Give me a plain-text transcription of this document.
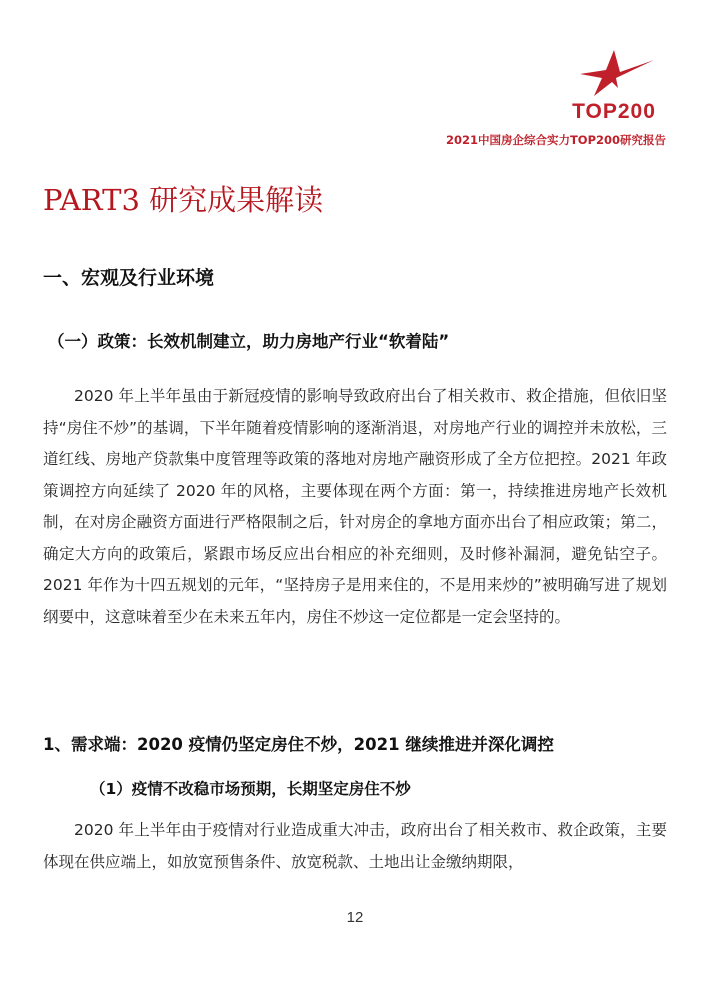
TOP200
2021中国房企综合实力TOP200研究报告
PART3 研究成果解读
一、宏观及行业环境
（一）政策：长效机制建立，助力房地产行业“软着陆”
2020 年上半年虽由于新冠疫情的影响导致政府出台了相关救市、救企措施，但依旧坚持“房住不炒”的基调，下半年随着疫情影响的逐渐消退，对房地产行业的调控并未放松，三道红线、房地产贷款集中度管理等政策的落地对房地产融资形成了全方位把控。2021 年政策调控方向延续了 2020 年的风格，主要体现在两个方面：第一，持续推进房地产长效机制，在对房企融资方面进行严格限制之后，针对房企的拿地方面亦出台了相应政策；第二，确定大方向的政策后，紧跟市场反应出台相应的补充细则，及时修补漏洞，避免钻空子。2021 年作为十四五规划的元年，“坚持房子是用来住的，不是用来炒的”被明确写进了规划纲要中，这意味着至少在未来五年内，房住不炒这一定位都是一定会坚持的。
1、需求端：2020 疫情仍坚定房住不炒，2021 继续推进并深化调控
（1）疫情不改稳市场预期，长期坚定房住不炒
2020 年上半年由于疫情对行业造成重大冲击，政府出台了相关救市、救企政策，主要体现在供应端上，如放宽预售条件、放宽税款、土地出让金缴纳期限，
12
